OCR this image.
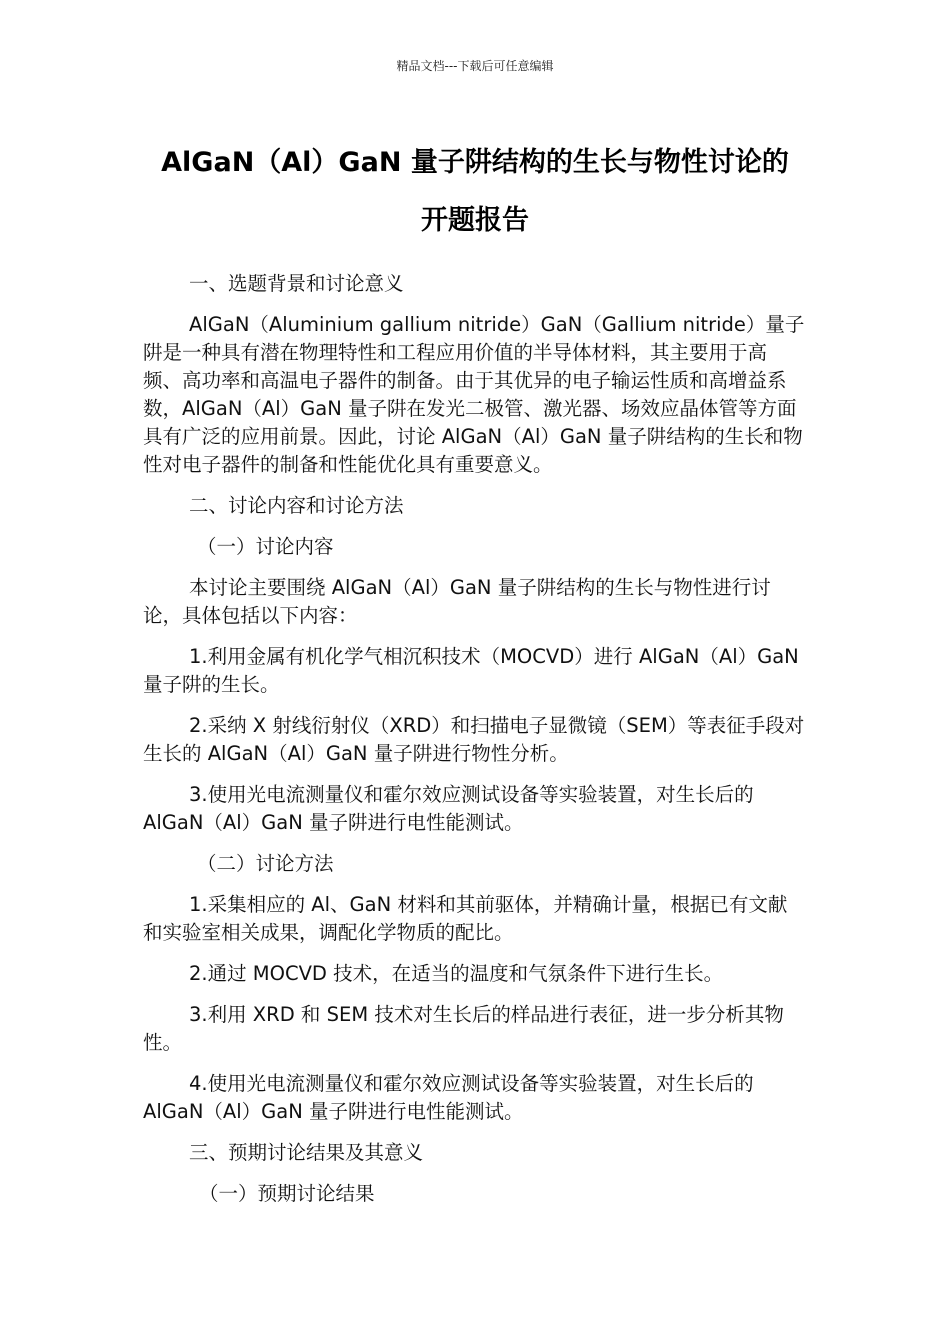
精品文档---下载后可任意编辑
AlGaN（Al）GaN 量子阱结构的生长与物性讨论的
开题报告

一、选题背景和讨论意义

AlGaN（Aluminium gallium nitride）GaN（Gallium nitride）量子阱是一种具有潜在物理特性和工程应用价值的半导体材料，其主要用于高频、高功率和高温电子器件的制备。由于其优异的电子输运性质和高增益系数，AlGaN（Al）GaN 量子阱在发光二极管、激光器、场效应晶体管等方面具有广泛的应用前景。因此，讨论 AlGaN（Al）GaN 量子阱结构的生长和物性对电子器件的制备和性能优化具有重要意义。

二、讨论内容和讨论方法

（一）讨论内容

本讨论主要围绕 AlGaN（Al）GaN 量子阱结构的生长与物性进行讨论，具体包括以下内容：

1.利用金属有机化学气相沉积技术（MOCVD）进行 AlGaN（Al）GaN 量子阱的生长。

2.采纳 X 射线衍射仪（XRD）和扫描电子显微镜（SEM）等表征手段对生长的 AlGaN（Al）GaN 量子阱进行物性分析。

3.使用光电流测量仪和霍尔效应测试设备等实验装置，对生长后的 AlGaN（Al）GaN 量子阱进行电性能测试。

（二）讨论方法

1.采集相应的 Al、GaN 材料和其前驱体，并精确计量，根据已有文献和实验室相关成果，调配化学物质的配比。

2.通过 MOCVD 技术，在适当的温度和气氛条件下进行生长。

3.利用 XRD 和 SEM 技术对生长后的样品进行表征，进一步分析其物性。

4.使用光电流测量仪和霍尔效应测试设备等实验装置，对生长后的 AlGaN（Al）GaN 量子阱进行电性能测试。

三、预期讨论结果及其意义

（一）预期讨论结果
